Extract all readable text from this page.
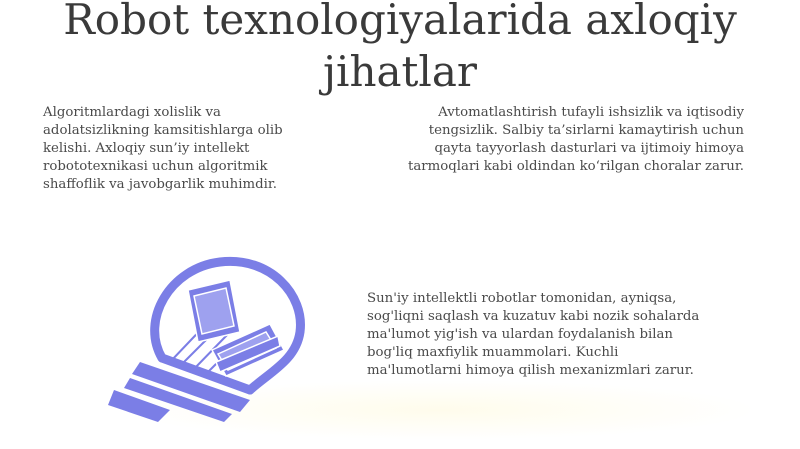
Robot texnologiyalarida axloqiy jihatlar

Algoritmlardagi xolislik va
adolatsizlikning kamsitishlarga olib
kelishi. Axloqiy sun’iy intellekt
robototexnikasi uchun algoritmik
shaffoflik va javobgarlik muhimdir.

Avtomatlashtirish tufayli ishsizlik va iqtisodiy
tengsizlik. Salbiy ta’sirlarni kamaytirish uchun
qayta tayyorlash dasturlari va ijtimoiy himoya
tarmoqlari kabi oldindan ko‘rilgan choralar zarur.

Sun'iy intellektli robotlar tomonidan, ayniqsa,
sog'liqni saqlash va kuzatuv kabi nozik sohalarda
ma'lumot yig'ish va ulardan foydalanish bilan
bog'liq maxfiylik muammolari. Kuchli
ma'lumotlarni himoya qilish mexanizmlari zarur.
